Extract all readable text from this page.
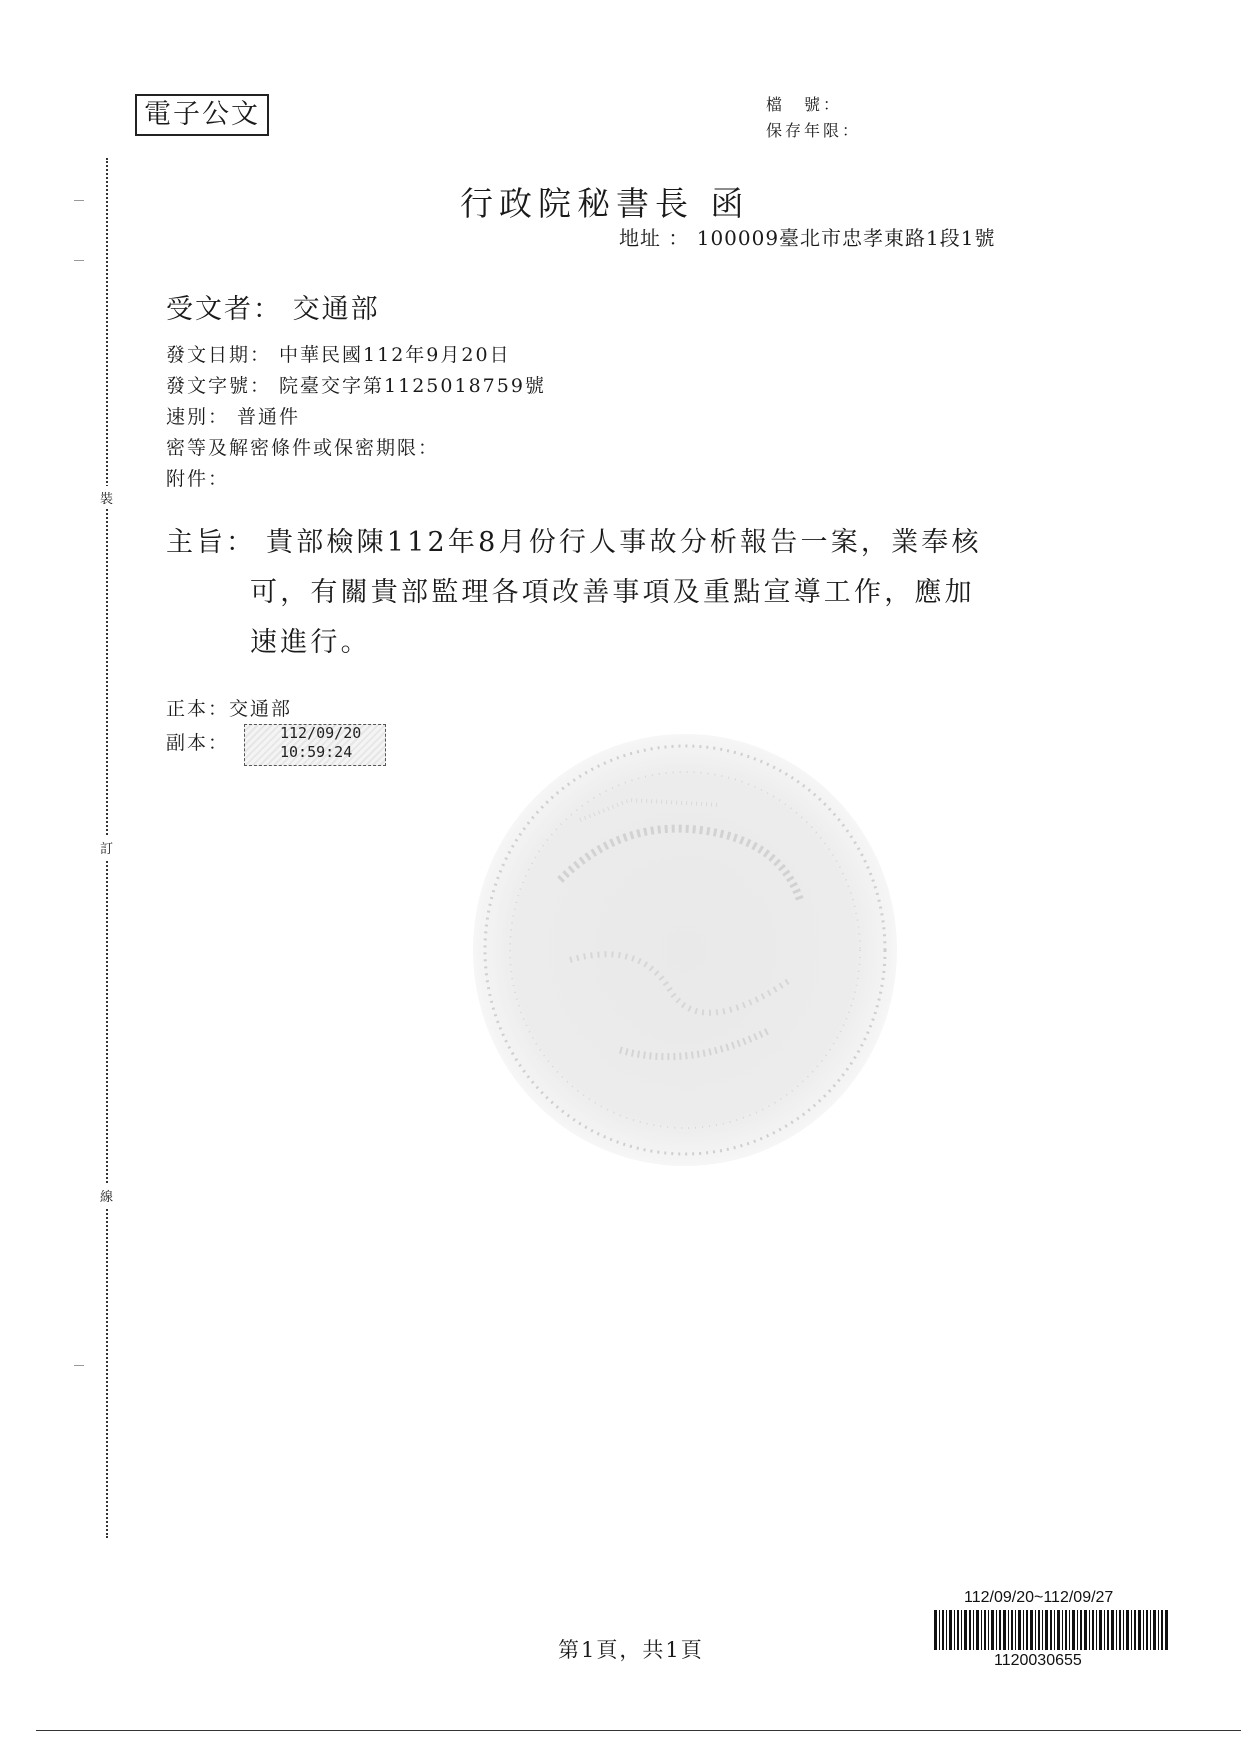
電子公文	檔　號：
保存年限：
裝
訂
線
行政院秘書長 函
地址 ： 100009臺北市忠孝東路1段1號
受文者： 交通部
發文日期： 中華民國112年9月20日
發文字號： 院臺交字第1125018759號
速別： 普通件
密等及解密條件或保密期限：
附件：
主旨： 貴部檢陳112年8月份行人事故分析報告一案，業奉核
可，有關貴部監理各項改善事項及重點宣導工作，應加
速進行。
正本：交通部
副本：	112/09/20
10:59:24
第1頁，共1頁
112/09/20~112/09/27
1120030655
